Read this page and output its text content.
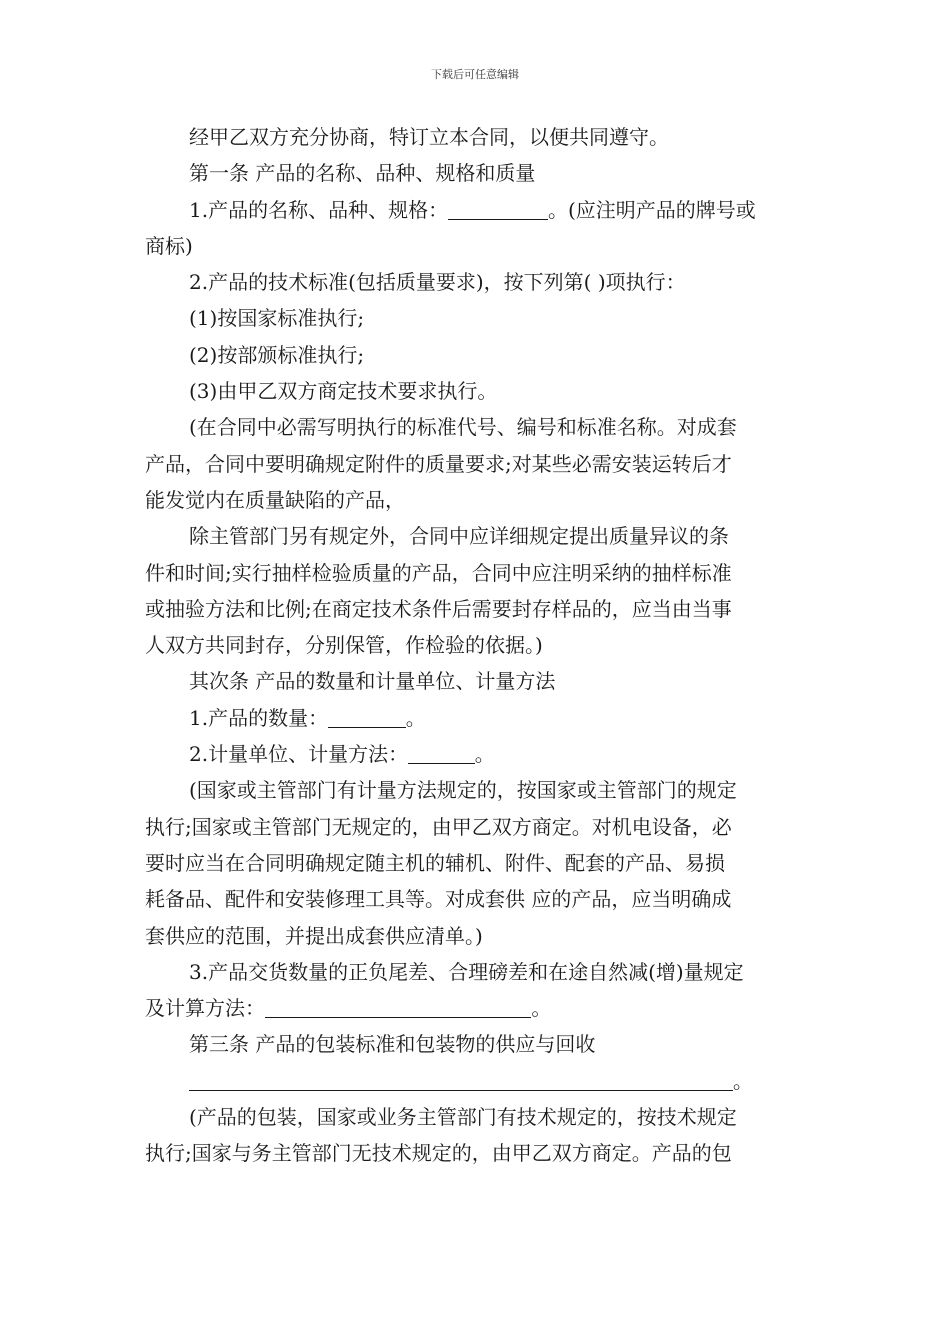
下载后可任意编辑
经甲乙双方充分协商，特订立本合同，以便共同遵守。
第一条 产品的名称、品种、规格和质量
1.产品的名称、品种、规格：	。(应注明产品的牌号或
商标)
2.产品的技术标准(包括质量要求)，按下列第( )项执行：
(1)按国家标准执行;
(2)按部颁标准执行;
(3)由甲乙双方商定技术要求执行。
(在合同中必需写明执行的标准代号、编号和标准名称。对成套
产品，合同中要明确规定附件的质量要求;对某些必需安装运转后才
能发觉内在质量缺陷的产品，
除主管部门另有规定外，合同中应详细规定提出质量异议的条
件和时间;实行抽样检验质量的产品，合同中应注明采纳的抽样标准
或抽验方法和比例;在商定技术条件后需要封存样品的，应当由当事
人双方共同封存，分别保管，作检验的依据。)
其次条 产品的数量和计量单位、计量方法
1.产品的数量：	。
2.计量单位、计量方法：	。
(国家或主管部门有计量方法规定的，按国家或主管部门的规定
执行;国家或主管部门无规定的，由甲乙双方商定。对机电设备，必
要时应当在合同明确规定随主机的辅机、附件、配套的产品、易损
耗备品、配件和安装修理工具等。对成套供 应的产品，应当明确成
套供应的范围，并提出成套供应清单。)
3.产品交货数量的正负尾差、合理磅差和在途自然减(增)量规定
及计算方法：	。
第三条 产品的包装标准和包装物的供应与回收
。
(产品的包装，国家或业务主管部门有技术规定的，按技术规定
执行;国家与务主管部门无技术规定的，由甲乙双方商定。产品的包
